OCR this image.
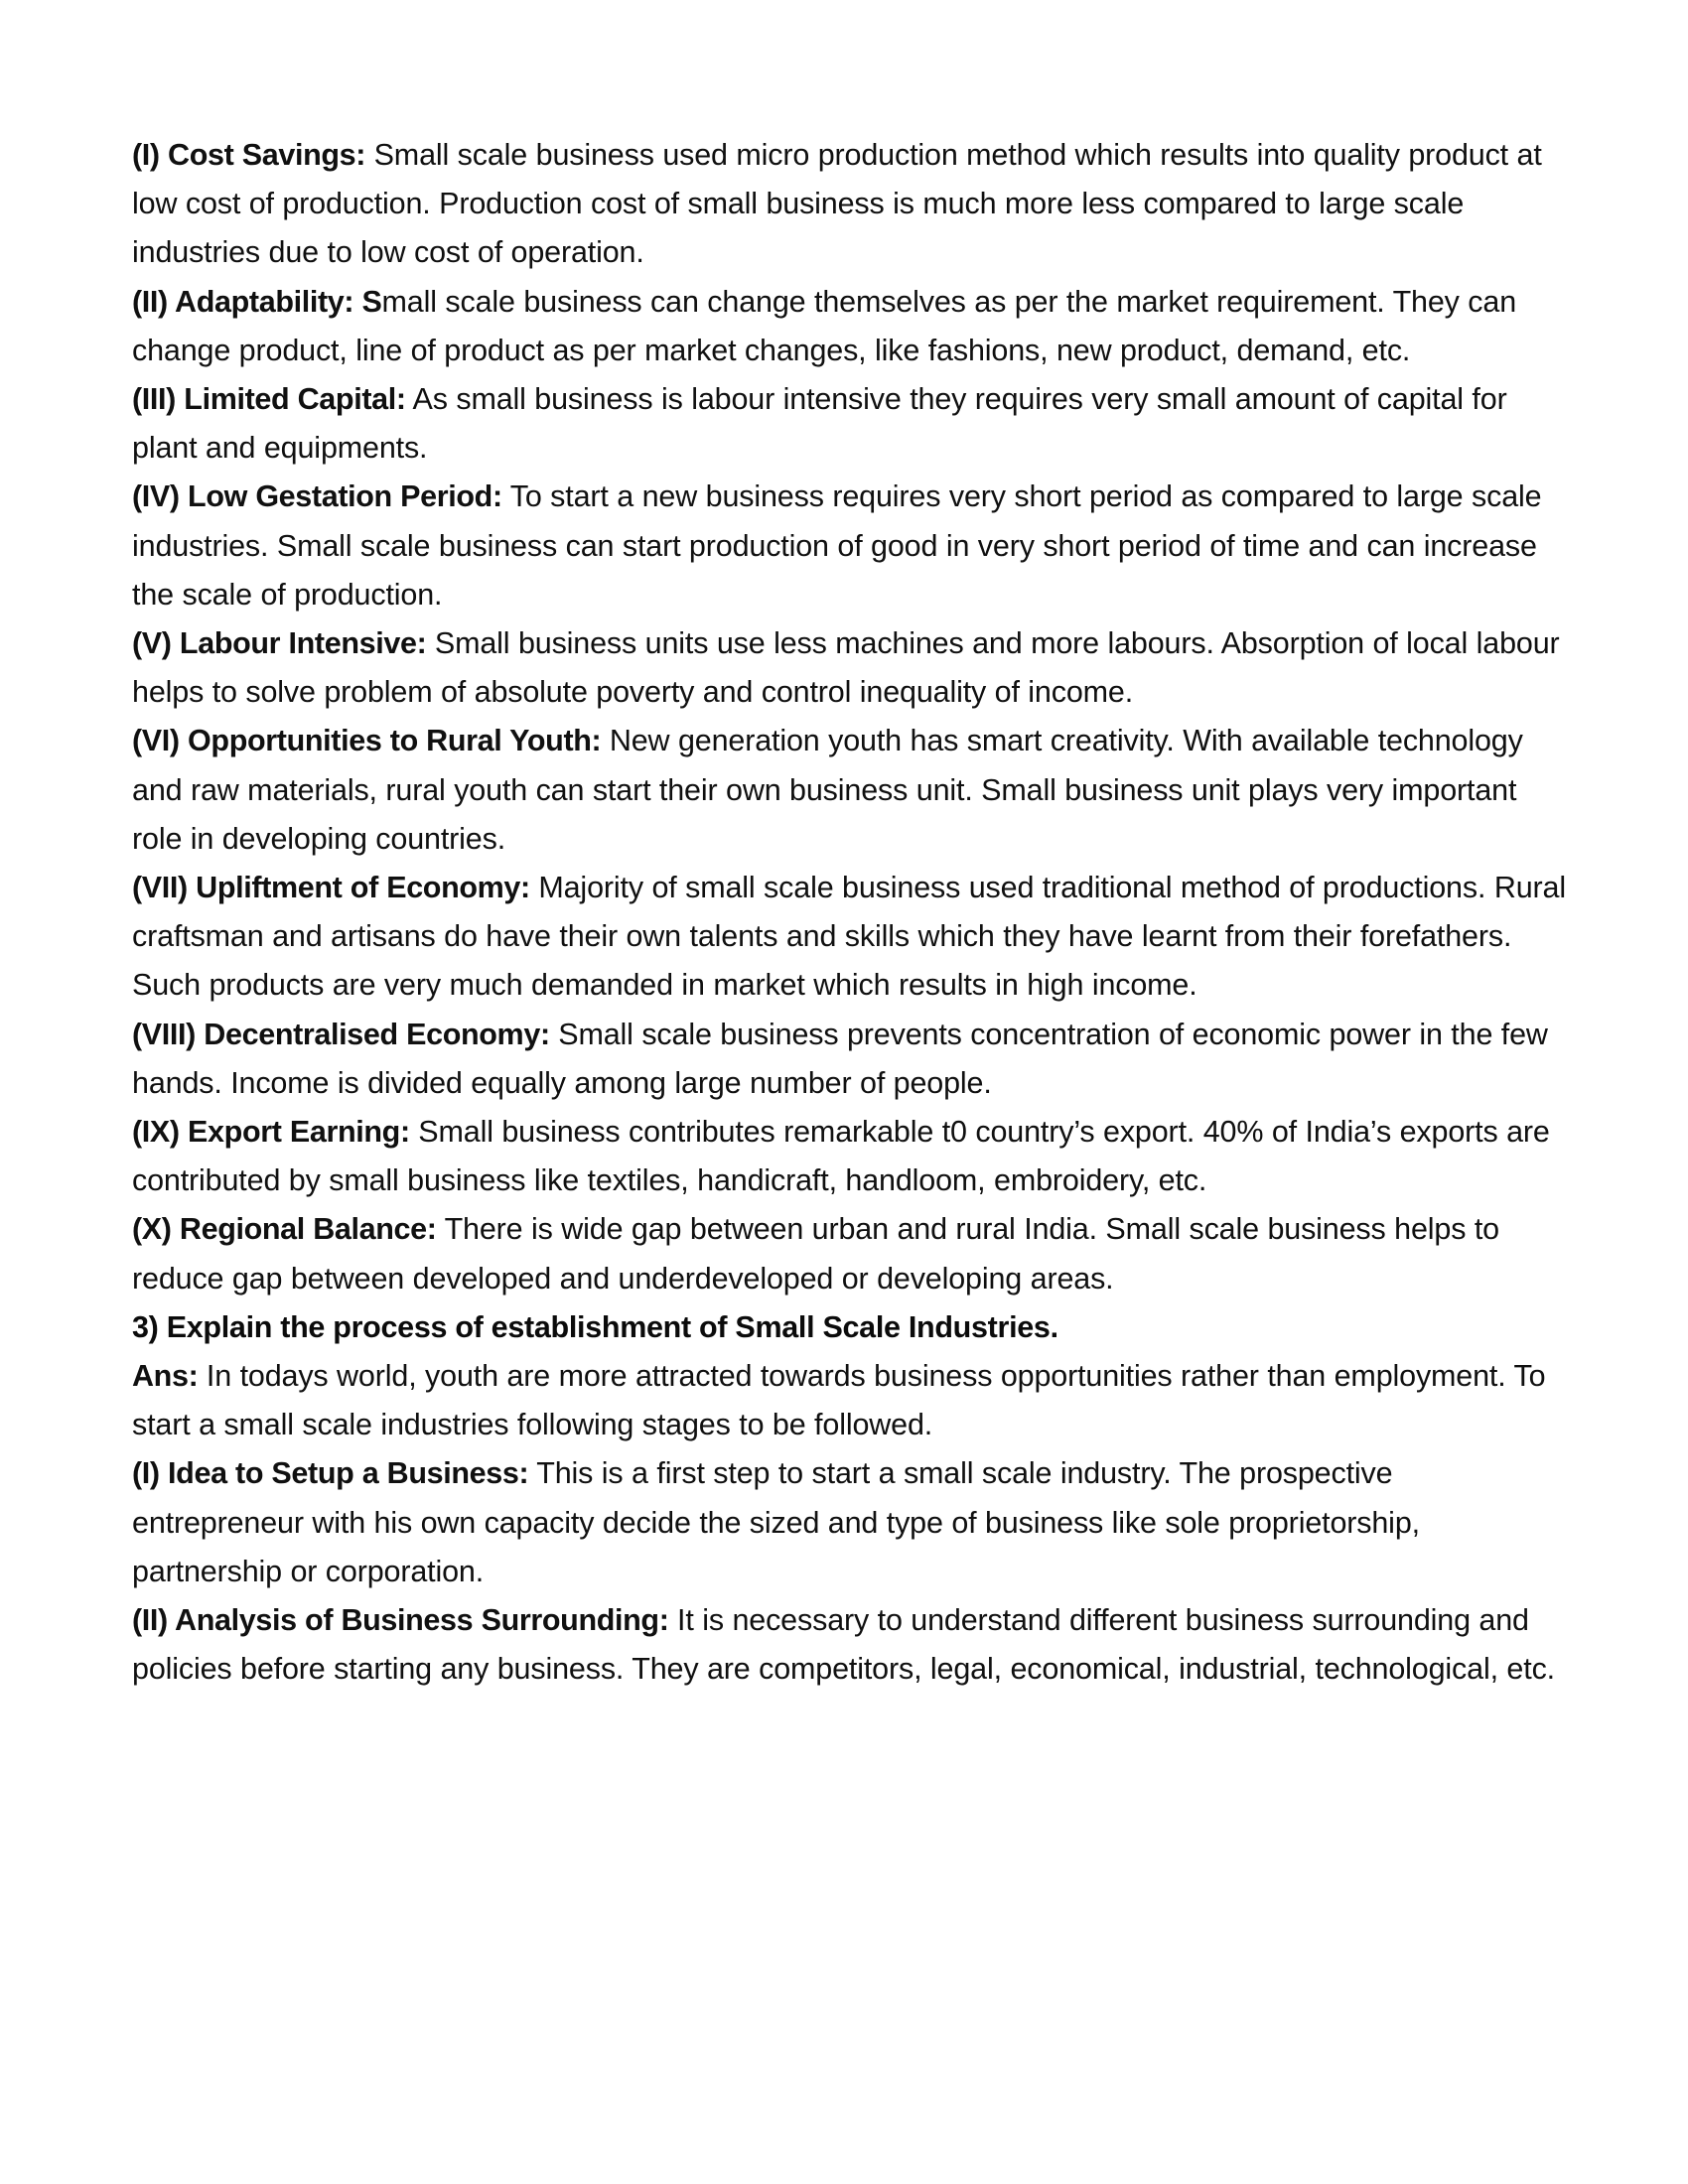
(I) Cost Savings: Small scale business used micro production method which results into quality product at low cost of production. Production cost of small business is much more less compared to large scale industries due to low cost of operation.

(II) Adaptability: Small scale business can change themselves as per the market requirement. They can change product, line of product as per market changes, like fashions, new product, demand, etc.

(III) Limited Capital: As small business is labour intensive they requires very small amount of capital for plant and equipments.

(IV) Low Gestation Period: To start a new business requires very short period as compared to large scale industries. Small scale business can start production of good in very short period of time and can increase the scale of production.

(V) Labour Intensive: Small business units use less machines and more labours. Absorption of local labour helps to solve problem of absolute poverty and control inequality of income.

(VI) Opportunities to Rural Youth: New generation youth has smart creativity. With available technology and raw materials, rural youth can start their own business unit. Small business unit plays very important role in developing countries.

(VII) Upliftment of Economy: Majority of small scale business used traditional method of productions. Rural craftsman and artisans do have their own talents and skills which they have learnt from their forefathers. Such products are very much demanded in market which results in high income.

(VIII) Decentralised Economy: Small scale business prevents concentration of economic power in the few hands. Income is divided equally among large number of people.

(IX) Export Earning: Small business contributes remarkable t0 country’s export. 40% of India’s exports are contributed by small business like textiles, handicraft, handloom, embroidery, etc.

(X) Regional Balance: There is wide gap between urban and rural India. Small scale business helps to reduce gap between developed and underdeveloped or developing areas.

3) Explain the process of establishment of Small Scale Industries.

Ans: In todays world, youth are more attracted towards business opportunities rather than employment. To start a small scale industries following stages to be followed.

(I) Idea to Setup a Business: This is a first step to start a small scale industry. The prospective entrepreneur with his own capacity decide the sized and type of business like sole proprietorship, partnership or corporation.

(II) Analysis of Business Surrounding: It is necessary to understand different business surrounding and policies before starting any business. They are competitors, legal, economical, industrial, technological, etc.
